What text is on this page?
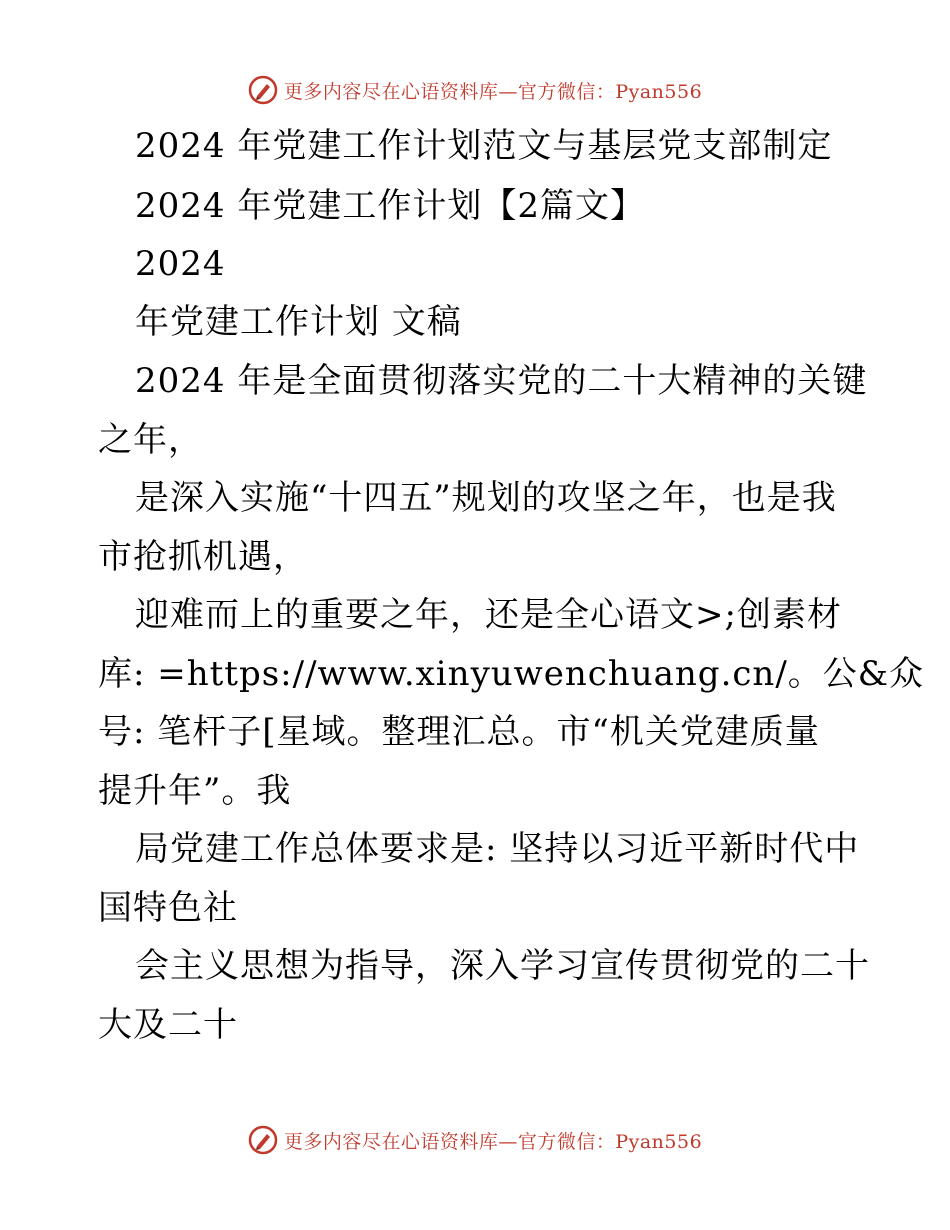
更多内容尽在心语资料库—官方微信：Pyan556
2024 年党建工作计划范文与基层党支部制定
2024 年党建工作计划【2篇文】
2024
年党建工作计划 文稿
2024 年是全面贯彻落实党的二十大精神的关键
之年，
是深入实施“十四五”规划的攻坚之年，也是我
市抢抓机遇，
迎难而上的重要之年，还是全心语文>;创素材
库: =https://www.xinyuwenchuang.cn/。公&众
号: 笔杆子[星域。整理汇总。市“机关党建质量
提升年”。我
局党建工作总体要求是: 坚持以习近平新时代中
国特色社
会主义思想为指导，深入学习宣传贯彻党的二十
大及二十
更多内容尽在心语资料库—官方微信：Pyan556
